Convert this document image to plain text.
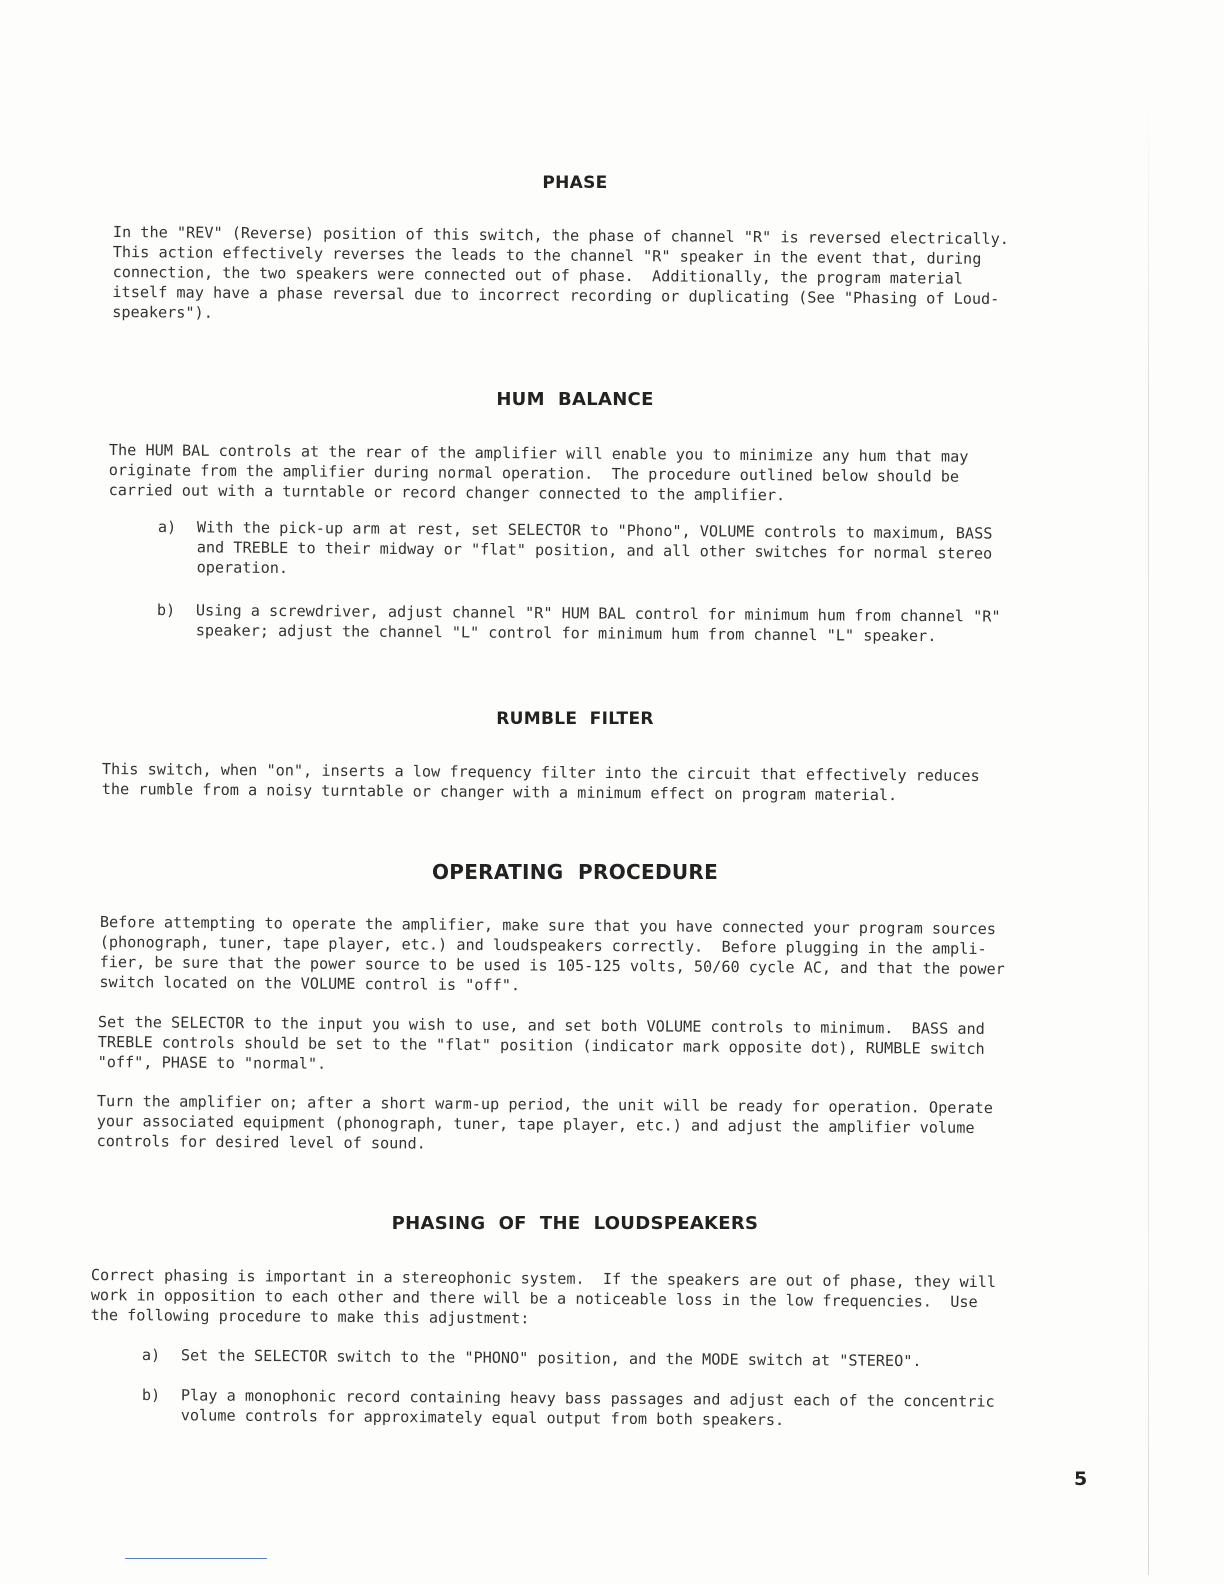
PHASE
In the "REV" (Reverse) position of this switch, the phase of channel "R" is reversed electrically.
This action effectively reverses the leads to the channel "R" speaker in the event that, during
connection, the two speakers were connected out of phase.  Additionally, the program material
itself may have a phase reversal due to incorrect recording or duplicating (See "Phasing of Loud-
speakers").
HUM  BALANCE
The HUM BAL controls at the rear of the amplifier will enable you to minimize any hum that may
originate from the amplifier during normal operation.  The procedure outlined below should be
carried out with a turntable or record changer connected to the amplifier.
a) With the pick-up arm at rest, set SELECTOR to "Phono", VOLUME controls to maximum, BASS
and TREBLE to their midway or "flat" position, and all other switches for normal stereo
operation.
b) Using a screwdriver, adjust channel "R" HUM BAL control for minimum hum from channel "R"
speaker; adjust the channel "L" control for minimum hum from channel "L" speaker.
RUMBLE  FILTER
This switch, when "on", inserts a low frequency filter into the circuit that effectively reduces
the rumble from a noisy turntable or changer with a minimum effect on program material.
OPERATING  PROCEDURE
Before attempting to operate the amplifier, make sure that you have connected your program sources
(phonograph, tuner, tape player, etc.) and loudspeakers correctly.  Before plugging in the ampli-
fier, be sure that the power source to be used is 105-125 volts, 50/60 cycle AC, and that the power
switch located on the VOLUME control is "off".
Set the SELECTOR to the input you wish to use, and set both VOLUME controls to minimum.  BASS and
TREBLE controls should be set to the "flat" position (indicator mark opposite dot), RUMBLE switch
"off", PHASE to "normal".
Turn the amplifier on; after a short warm-up period, the unit will be ready for operation. Operate
your associated equipment (phonograph, tuner, tape player, etc.) and adjust the amplifier volume
controls for desired level of sound.
PHASING  OF  THE  LOUDSPEAKERS
Correct phasing is important in a stereophonic system.  If the speakers are out of phase, they will
work in opposition to each other and there will be a noticeable loss in the low frequencies.  Use
the following procedure to make this adjustment:
a) Set the SELECTOR switch to the "PHONO" position, and the MODE switch at "STEREO".
b) Play a monophonic record containing heavy bass passages and adjust each of the concentric
volume controls for approximately equal output from both speakers.
5
